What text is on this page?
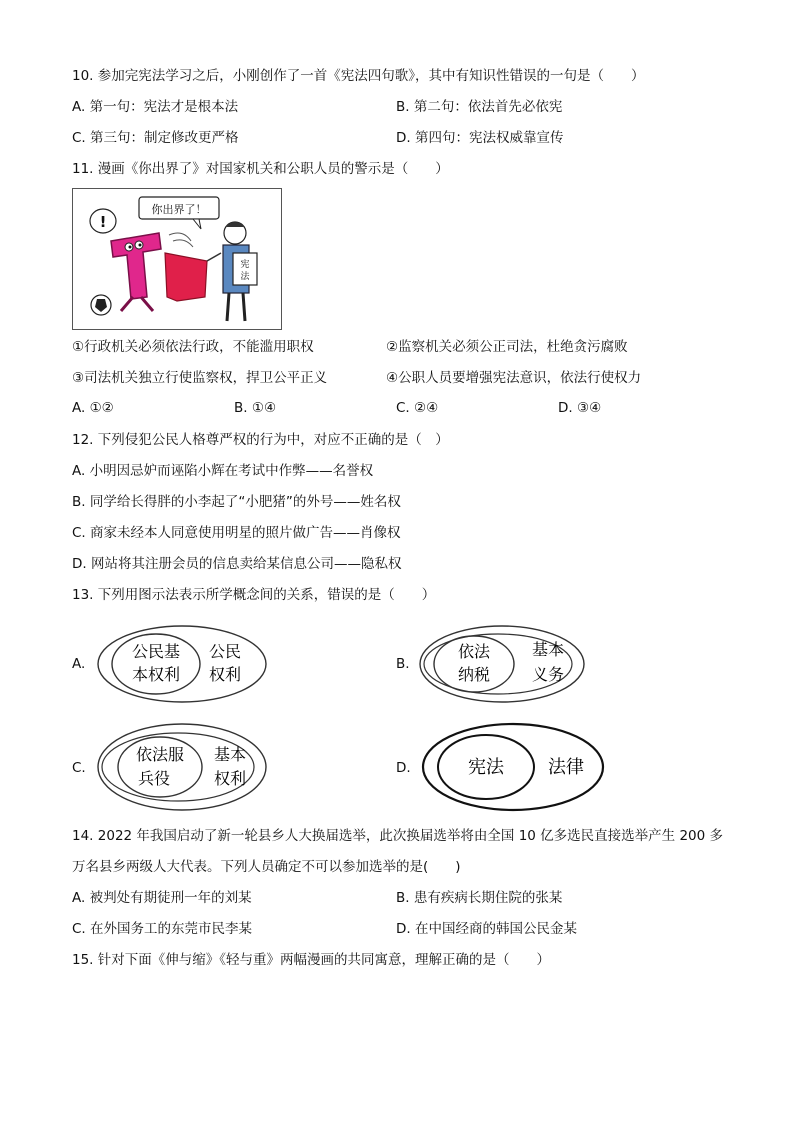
10. 参加完宪法学习之后，小刚创作了一首《宪法四句歌》，其中有知识性错误的一句是（　　）
A. 第一句：宪法才是根本法	B. 第二句：依法首先必依宪
C. 第三句：制定修改更严格	D. 第四句：宪法权威靠宣传
11. 漫画《你出界了》对国家机关和公职人员的警示是（　　）
你出界了！
!
宪
法
①行政机关必须依法行政，不能滥用职权	②监察机关必须公正司法，杜绝贪污腐败
③司法机关独立行使监察权，捍卫公平正义	④公职人员要增强宪法意识，依法行使权力
A. ①②	B. ①④	C. ②④	D. ③④
12. 下列侵犯公民人格尊严权的行为中，对应不正确的是（　）
A. 小明因忌妒而诬陷小辉在考试中作弊——名誉权
B. 同学给长得胖的小李起了“小肥猪”的外号——姓名权
C. 商家未经本人同意使用明星的照片做广告——肖像权
D. 网站将其注册会员的信息卖给某信息公司——隐私权
13. 下列用图示法表示所学概念间的关系，错误的是（　　）
A.
公民基
本权利
公民
权利
B.
依法
纳税
基本
义务
C.
依法服
兵役
基本
权利
D.	宪法 法律
14. 2022 年我国启动了新一轮县乡人大换届选举，此次换届选举将由全国 10 亿多选民直接选举产生 200 多
万名县乡两级人大代表。下列人员确定不可以参加选举的是(　　)
A. 被判处有期徒刑一年的刘某	B. 患有疾病长期住院的张某
C. 在外国务工的东莞市民李某	D. 在中国经商的韩国公民金某
15. 针对下面《伸与缩》《轻与重》两幅漫画的共同寓意，理解正确的是（　　）
